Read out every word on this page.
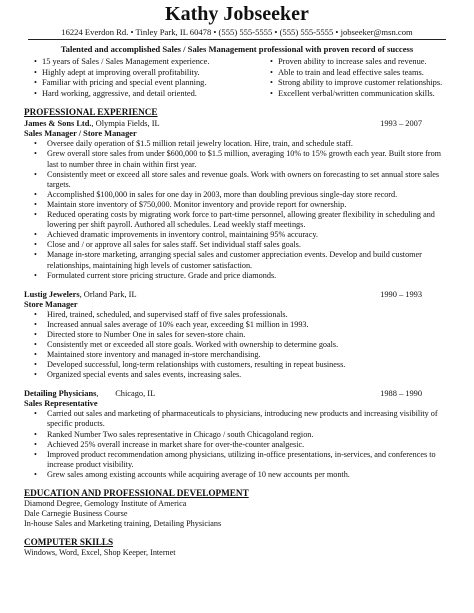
Kathy Jobseeker
16224 Everdon Rd. • Tinley Park, IL 60478 • (555) 555-5555 • (555) 555-5555 • jobseeker@msn.com
Talented and accomplished Sales / Sales Management professional with proven record of success
• 15 years of Sales / Sales Management experience.
• Highly adept at improving overall profitability.
• Familiar with pricing and special event planning.
• Hard working, aggressive, and detail oriented.
• Proven ability to increase sales and revenue.
• Able to train and lead effective sales teams.
• Strong ability to improve customer relationships.
• Excellent verbal/written communication skills.
PROFESSIONAL EXPERIENCE
James & Sons Ltd., Olympia Fields, IL	1993 – 2007
Sales Manager / Store Manager
• Oversee daily operation of $1.5 million retail jewelry location. Hire, train, and schedule staff.
• Grew overall store sales from under $600,000 to $1.5 million, averaging 10% to 15% growth each year. Built store from last to number three in chain within first year.
• Consistently meet or exceed all store sales and revenue goals. Work with owners on forecasting to set annual store sales targets.
• Accomplished $100,000 in sales for one day in 2003, more than doubling previous single-day store record.
• Maintain store inventory of $750,000. Monitor inventory and provide report for ownership.
• Reduced operating costs by migrating work force to part-time personnel, allowing greater flexibility in scheduling and lowering per shift payroll. Authored all schedules. Lead weekly staff meetings.
• Achieved dramatic improvements in inventory control, maintaining 95% accuracy.
• Close and / or approve all sales for sales staff. Set individual staff sales goals.
• Manage in-store marketing, arranging special sales and customer appreciation events. Develop and build customer relationships, maintaining high levels of customer satisfaction.
• Formulated current store pricing structure. Grade and price diamonds.
Lustig Jewelers, Orland Park, IL	1990 – 1993
Store Manager
• Hired, trained, scheduled, and supervised staff of five sales professionals.
• Increased annual sales average of 10% each year, exceeding $1 million in 1993.
• Directed store to Number One in sales for seven-store chain.
• Consistently met or exceeded all store goals. Worked with ownership to determine goals.
• Maintained store inventory and managed in-store merchandising.
• Developed successful, long-term relationships with customers, resulting in repeat business.
• Organized special events and sales events, increasing sales.
Detailing Physicians,        Chicago, IL	1988 – 1990
Sales Representative
• Carried out sales and marketing of pharmaceuticals to physicians, introducing new products and increasing visibility of specific products.
• Ranked Number Two sales representative in Chicago / south Chicagoland region.
• Achieved 25% overall increase in market share for over-the-counter analgesic.
• Improved product recommendation among physicians, utilizing in-office presentations, in-services, and conferences to increase product visibility.
• Grew sales among existing accounts while acquiring average of 10 new accounts per month.
EDUCATION AND PROFESSIONAL DEVELOPMENT
Diamond Degree, Gemology Institute of America
Dale Carnegie Business Course
In-house Sales and Marketing training, Detailing Physicians
COMPUTER SKILLS
Windows, Word, Excel, Shop Keeper, Internet
